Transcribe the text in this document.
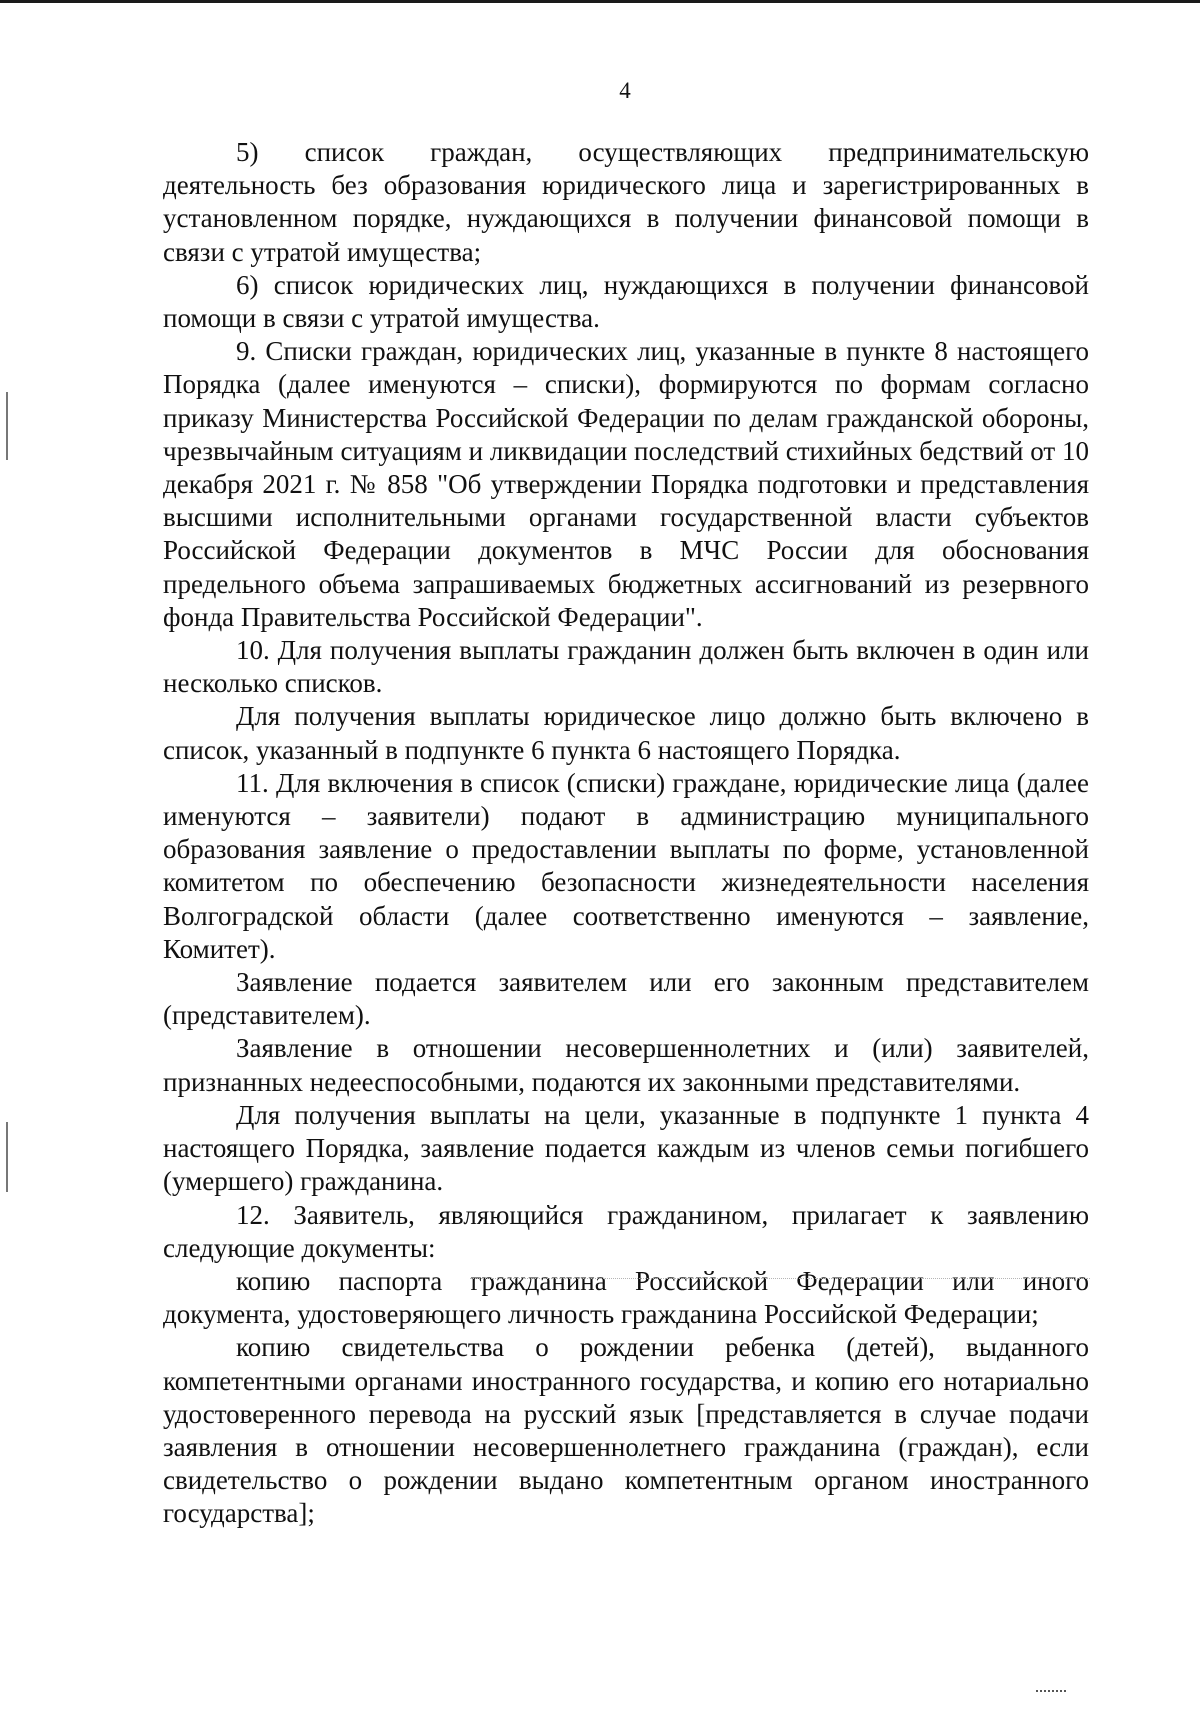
4

5) список граждан, осуществляющих предпринимательскую деятельность без образования юридического лица и зарегистрированных в установленном порядке, нуждающихся в получении финансовой помощи в связи с утратой имущества;

6) список юридических лиц, нуждающихся в получении финансовой помощи в связи с утратой имущества.

9. Списки граждан, юридических лиц, указанные в пункте 8 настоящего Порядка (далее именуются – списки), формируются по формам согласно приказу Министерства Российской Федерации по делам гражданской обороны, чрезвычайным ситуациям и ликвидации последствий стихийных бедствий от 10 декабря 2021 г. № 858 "Об утверждении Порядка подготовки и представления высшими исполнительными органами государственной власти субъектов Российской Федерации документов в МЧС России для обоснования предельного объема запрашиваемых бюджетных ассигнований из резервного фонда Правительства Российской Федерации".

10. Для получения выплаты гражданин должен быть включен в один или несколько списков.

Для получения выплаты юридическое лицо должно быть включено в список, указанный в подпункте 6 пункта 6 настоящего Порядка.

11. Для включения в список (списки) граждане, юридические лица (далее именуются – заявители) подают в администрацию муниципального образования заявление о предоставлении выплаты по форме, установленной комитетом по обеспечению безопасности жизнедеятельности населения Волгоградской области (далее соответственно именуются – заявление, Комитет).

Заявление подается заявителем или его законным представителем (представителем).

Заявление в отношении несовершеннолетних и (или) заявителей, признанных недееспособными, подаются их законными представителями.

Для получения выплаты на цели, указанные в подпункте 1 пункта 4 настоящего Порядка, заявление подается каждым из членов семьи погибшего (умершего) гражданина.

12. Заявитель, являющийся гражданином, прилагает к заявлению следующие документы:

копию паспорта гражданина Российской Федерации или иного документа, удостоверяющего личность гражданина Российской Федерации;

копию свидетельства о рождении ребенка (детей), выданного компетентными органами иностранного государства, и копию его нотариально удостоверенного перевода на русский язык [представляется в случае подачи заявления в отношении несовершеннолетнего гражданина (граждан), если свидетельство о рождении выдано компетентным органом иностранного государства];
